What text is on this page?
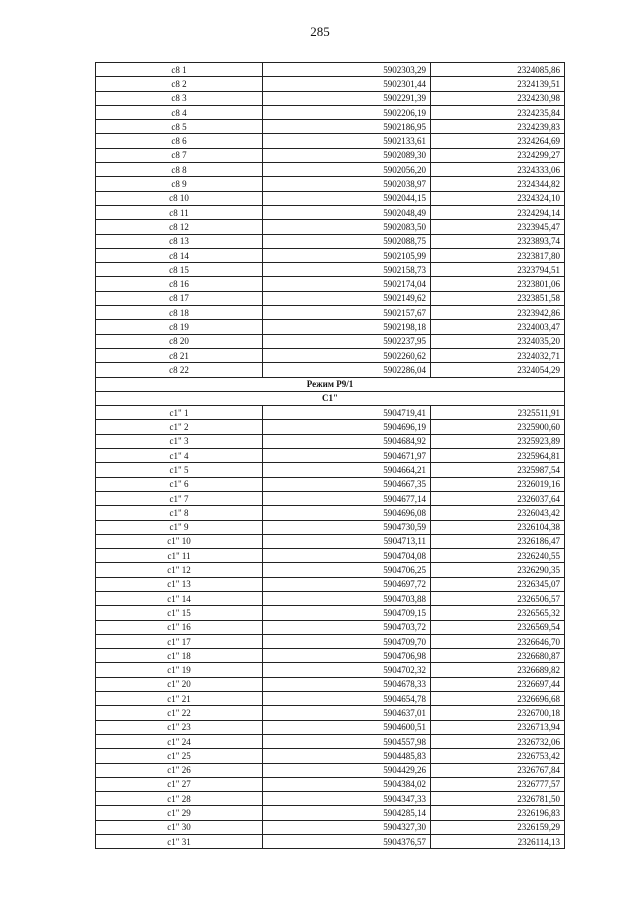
285
c8 1	5902303,29	2324085,86
c8 2	5902301,44	2324139,51
c8 3	5902291,39	2324230,98
c8 4	5902206,19	2324235,84
c8 5	5902186,95	2324239,83
c8 6	5902133,61	2324264,69
c8 7	5902089,30	2324299,27
c8 8	5902056,20	2324333,06
c8 9	5902038,97	2324344,82
c8 10	5902044,15	2324324,10
c8 11	5902048,49	2324294,14
c8 12	5902083,50	2323945,47
c8 13	5902088,75	2323893,74
c8 14	5902105,99	2323817,80
c8 15	5902158,73	2323794,51
c8 16	5902174,04	2323801,06
c8 17	5902149,62	2323851,58
c8 18	5902157,67	2323942,86
c8 19	5902198,18	2324003,47
c8 20	5902237,95	2324035,20
c8 21	5902260,62	2324032,71
c8 22	5902286,04	2324054,29
Режим P9/1		
C1"		
c1" 1	5904719,41	2325511,91
c1" 2	5904696,19	2325900,60
c1" 3	5904684,92	2325923,89
c1" 4	5904671,97	2325964,81
c1" 5	5904664,21	2325987,54
c1" 6	5904667,35	2326019,16
c1" 7	5904677,14	2326037,64
c1" 8	5904696,08	2326043,42
c1" 9	5904730,59	2326104,38
c1" 10	5904713,11	2326186,47
c1" 11	5904704,08	2326240,55
c1" 12	5904706,25	2326290,35
c1" 13	5904697,72	2326345,07
c1" 14	5904703,88	2326506,57
c1" 15	5904709,15	2326565,32
c1" 16	5904703,72	2326569,54
c1" 17	5904709,70	2326646,70
c1" 18	5904706,98	2326680,87
c1" 19	5904702,32	2326689,82
c1" 20	5904678,33	2326697,44
c1" 21	5904654,78	2326696,68
c1" 22	5904637,01	2326700,18
c1" 23	5904600,51	2326713,94
c1" 24	5904557,98	2326732,06
c1" 25	5904485,83	2326753,42
c1" 26	5904429,26	2326767,84
c1" 27	5904384,02	2326777,57
c1" 28	5904347,33	2326781,50
c1" 29	5904285,14	2326196,83
c1" 30	5904327,30	2326159,29
c1" 31	5904376,57	2326114,13
